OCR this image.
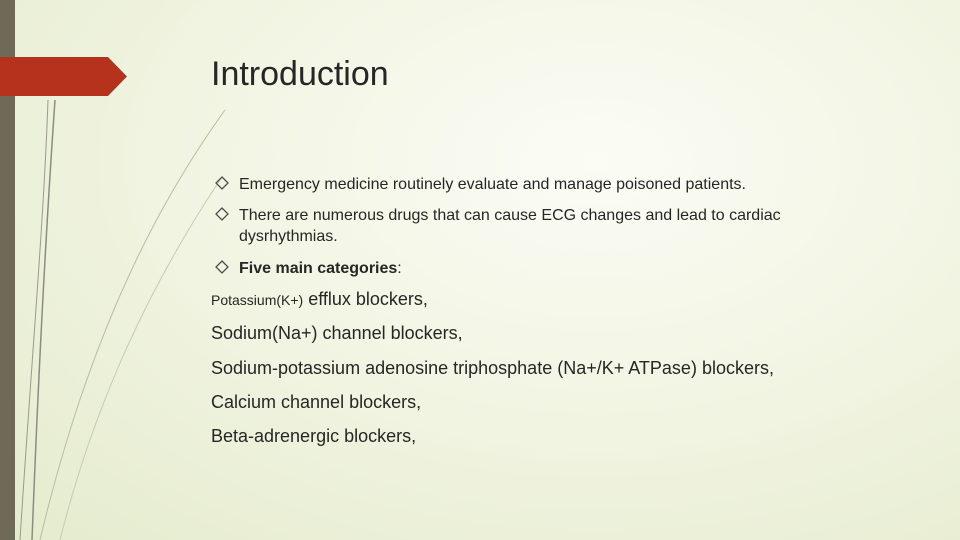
Introduction
Emergency medicine routinely evaluate and manage poisoned patients.
There are numerous drugs that can cause ECG changes and lead to cardiac dysrhythmias.
Five main categories:
Potassium(K+) efflux blockers,
Sodium(Na+) channel blockers,
Sodium-potassium adenosine triphosphate (Na+/K+ ATPase) blockers,
Calcium channel blockers,
Beta-adrenergic blockers,
